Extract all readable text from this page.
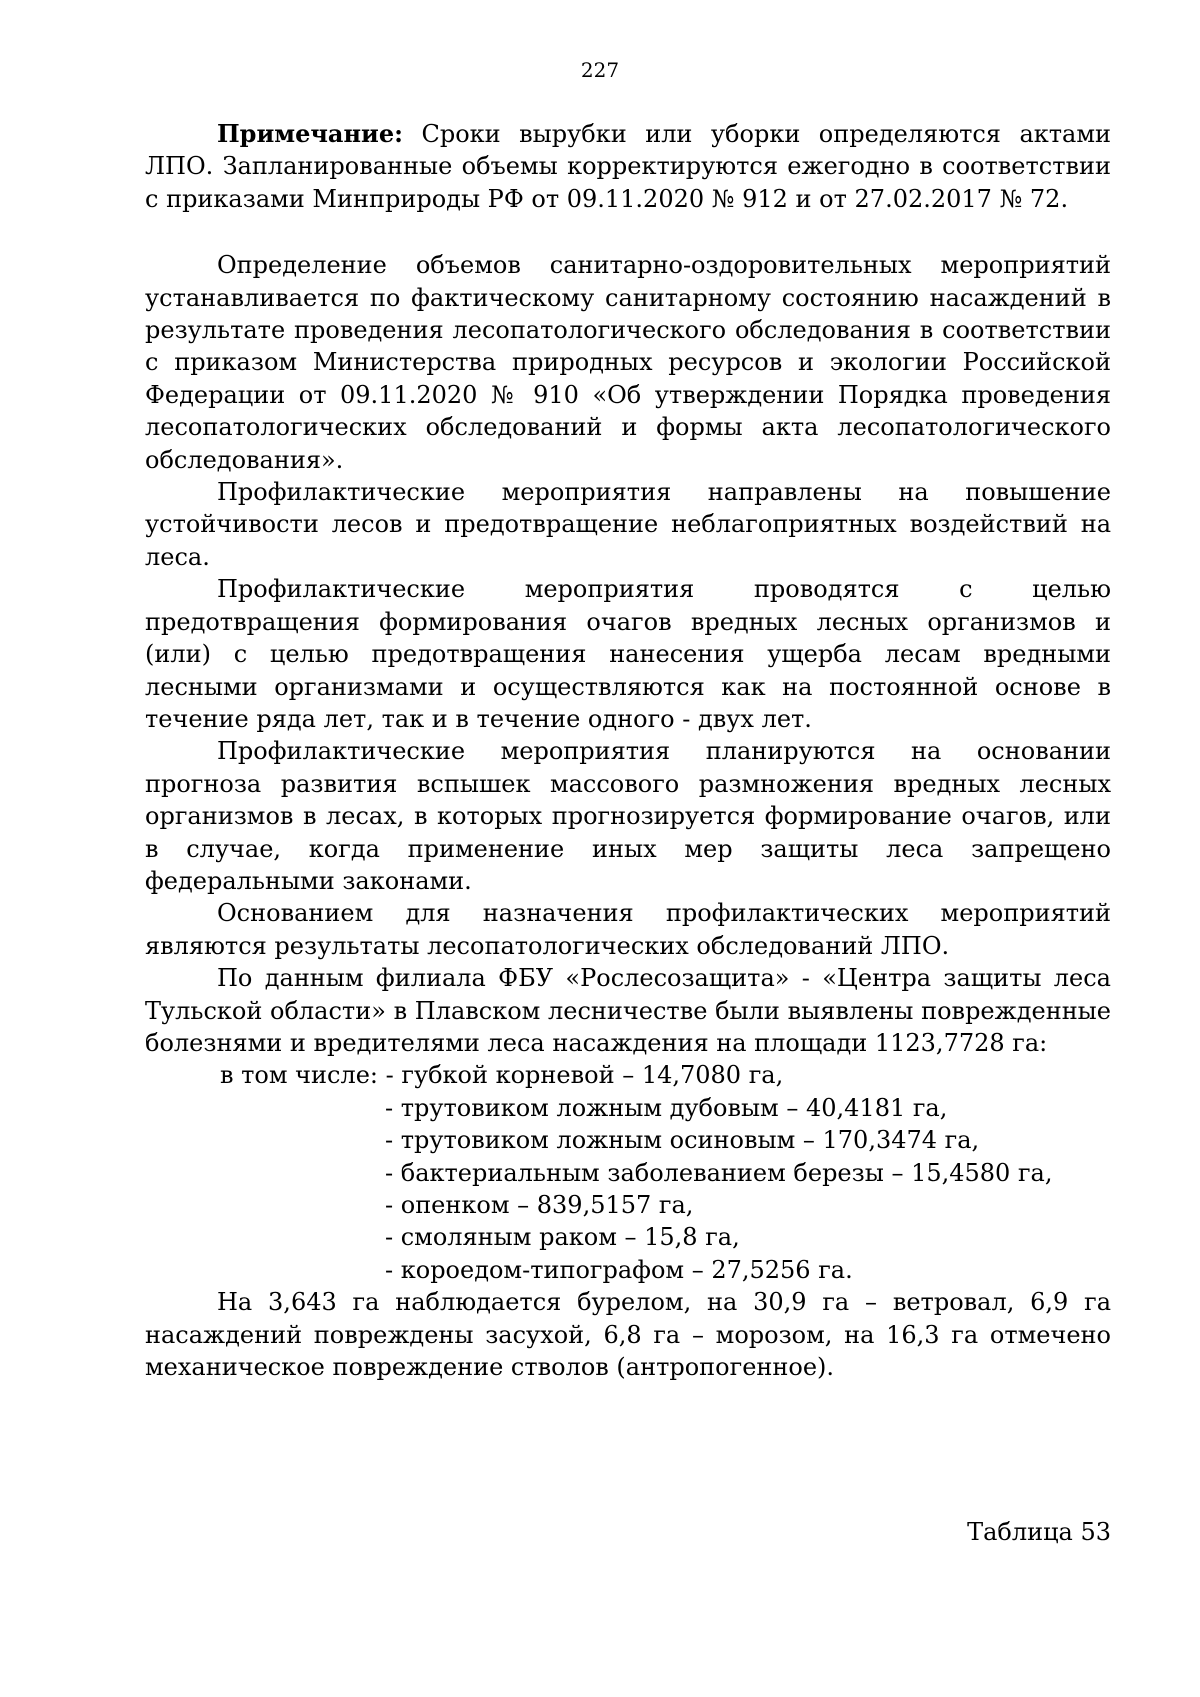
227

Примечание: Сроки вырубки или уборки определяются актами ЛПО. Запланированные объемы корректируются ежегодно в соответствии с приказами Минприроды РФ от 09.11.2020 № 912 и от 27.02.2017 № 72.

Определение объемов санитарно-оздоровительных мероприятий устанавливается по фактическому санитарному состоянию насаждений в результате проведения лесопатологического обследования в соответствии с приказом Министерства природных ресурсов и экологии Российской Федерации от 09.11.2020 № 910 «Об утверждении Порядка проведения лесопатологических обследований и формы акта лесопатологического обследования».

Профилактические мероприятия направлены на повышение устойчивости лесов и предотвращение неблагоприятных воздействий на леса.

Профилактические мероприятия проводятся с целью предотвращения формирования очагов вредных лесных организмов и (или) с целью предотвращения нанесения ущерба лесам вредными лесными организмами и осуществляются как на постоянной основе в течение ряда лет, так и в течение одного - двух лет.

Профилактические мероприятия планируются на основании прогноза развития вспышек массового размножения вредных лесных организмов в лесах, в которых прогнозируется формирование очагов, или в случае, когда применение иных мер защиты леса запрещено федеральными законами.

Основанием для назначения профилактических мероприятий являются результаты лесопатологических обследований ЛПО.

По данным филиала ФБУ «Рослесозащита» - «Центра защиты леса Тульской области» в Плавском лесничестве были выявлены поврежденные болезнями и вредителями леса насаждения на площади 1123,7728 га:

в том числе: - губкой корневой – 14,7080 га,

- трутовиком ложным дубовым – 40,4181 га,

- трутовиком ложным осиновым – 170,3474 га,

- бактериальным заболеванием березы – 15,4580 га,

- опенком – 839,5157 га,

- смоляным раком – 15,8 га,

- короедом-типографом – 27,5256 га.

На 3,643 га наблюдается бурелом, на 30,9 га – ветровал, 6,9 га насаждений повреждены засухой, 6,8 га – морозом, на 16,3 га отмечено механическое повреждение стволов (антропогенное).

Таблица 53
